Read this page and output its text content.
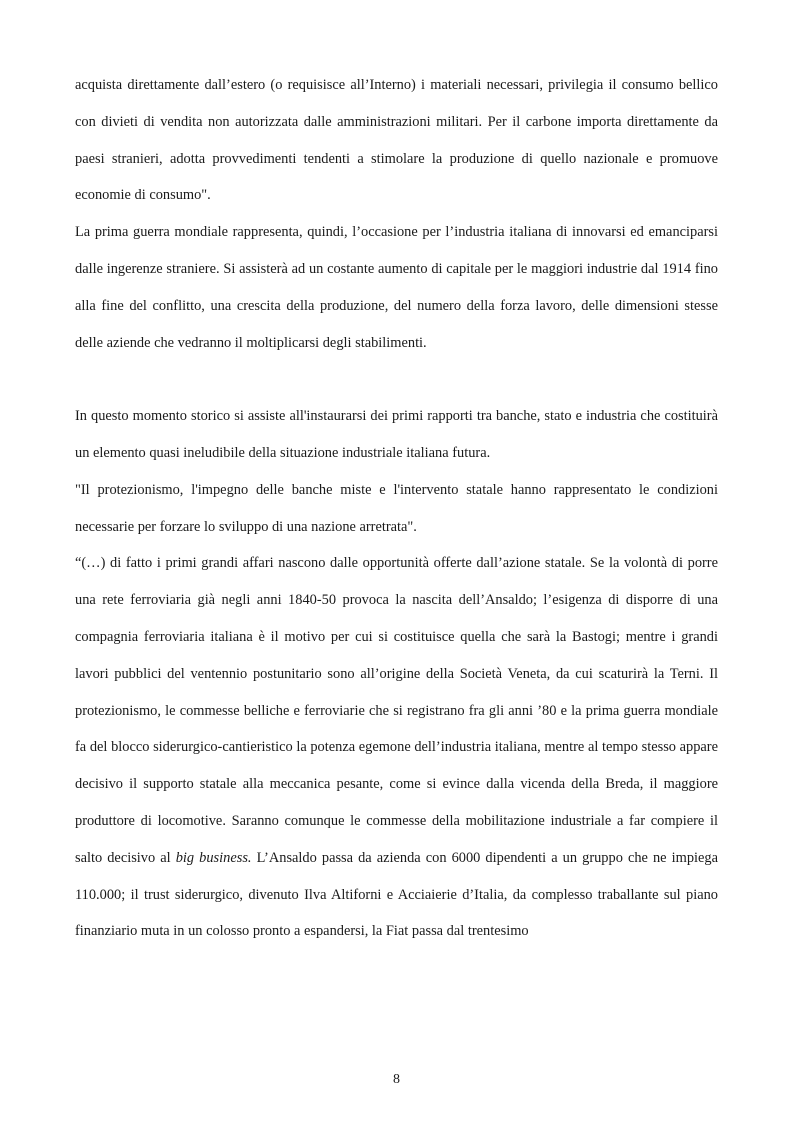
acquista direttamente dall’estero (o requisisce all’Interno) i materiali necessari, privilegia il consumo bellico con divieti di vendita non autorizzata dalle amministrazioni militari. Per il carbone importa direttamente da paesi stranieri, adotta provvedimenti tendenti a stimolare la produzione di quello nazionale e promuove economie di consumo".

La prima guerra mondiale rappresenta, quindi, l’occasione per l’industria italiana di innovarsi ed emanciparsi dalle ingerenze straniere. Si assisterà ad un costante aumento di capitale per le maggiori industrie dal 1914 fino alla fine del conflitto, una crescita della produzione, del numero della forza lavoro, delle dimensioni stesse delle aziende che vedranno il moltiplicarsi degli stabilimenti.

In questo momento storico si assiste all'instaurarsi dei primi rapporti tra banche, stato e industria che costituirà un elemento quasi ineludibile della situazione industriale italiana futura.

"Il protezionismo, l'impegno delle banche miste e l'intervento statale hanno rappresentato le condizioni necessarie per forzare lo sviluppo di una nazione arretrata".

“(…) di fatto i primi grandi affari nascono dalle opportunità offerte dall’azione statale. Se la volontà di porre una rete ferroviaria già negli anni 1840-50 provoca la nascita dell’Ansaldo; l’esigenza di disporre di una compagnia ferroviaria italiana è il motivo per cui si costituisce quella che sarà la Bastogi; mentre i grandi lavori pubblici del ventennio postunitario sono all’origine della Società Veneta, da cui scaturirà la Terni. Il protezionismo, le commesse belliche e ferroviarie che si registrano fra gli anni ’80 e la prima guerra mondiale fa del blocco siderurgico-cantieristico la potenza egemone dell’industria italiana, mentre al tempo stesso appare decisivo il supporto statale alla meccanica pesante, come si evince dalla vicenda della Breda, il maggiore produttore di locomotive. Saranno comunque le commesse della mobilitazione industriale a far compiere il salto decisivo al big business. L’Ansaldo passa da azienda con 6000 dipendenti a un gruppo che ne impiega 110.000; il trust siderurgico, divenuto Ilva Altiforni e Acciaierie d’Italia, da complesso traballante sul piano finanziario muta in un colosso pronto a espandersi, la Fiat passa dal trentesimo

8
